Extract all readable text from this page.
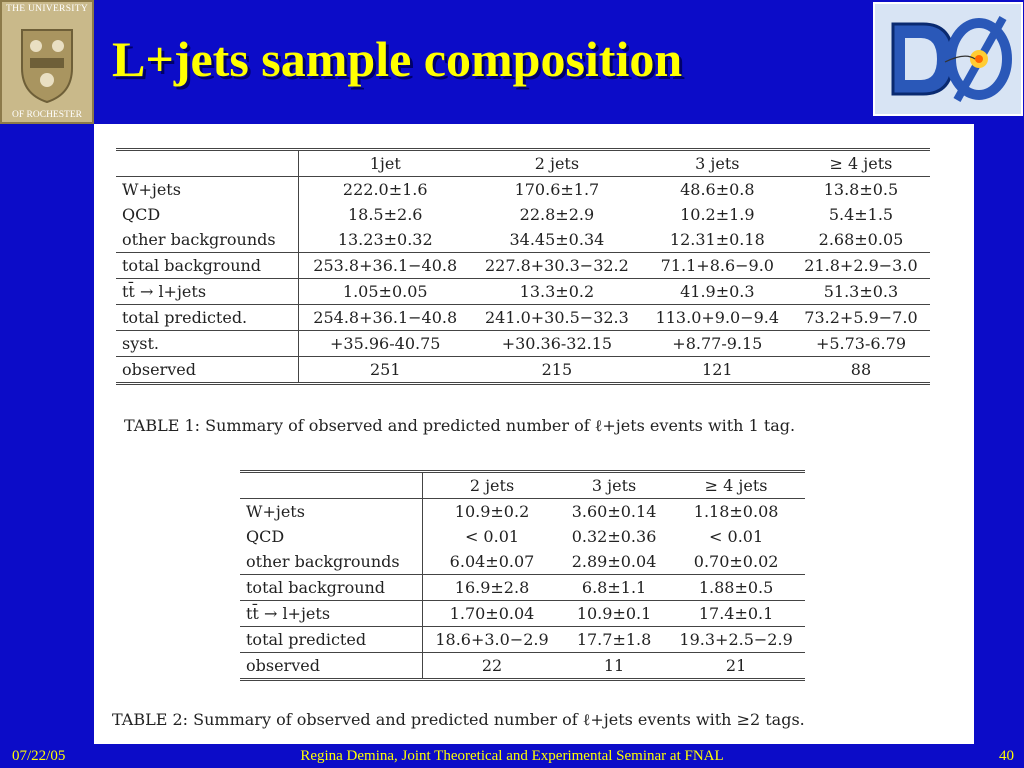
THE UNIVERSITY
OF ROCHESTER
L+jets sample composition
	1jet	2 jets	3 jets	≥ 4 jets
W+jets	222.0±1.6	170.6±1.7	48.6±0.8	13.8±0.5
QCD	18.5±2.6	22.8±2.9	10.2±1.9	5.4±1.5
other backgrounds	13.23±0.32	34.45±0.34	12.31±0.18	2.68±0.05
total background	253.8+36.1−40.8	227.8+30.3−32.2	71.1+8.6−9.0	21.8+2.9−3.0
tt̄ → l+jets	1.05±0.05	13.3±0.2	41.9±0.3	51.3±0.3
total predicted.	254.8+36.1−40.8	241.0+30.5−32.3	113.0+9.0−9.4	73.2+5.9−7.0
syst.	+35.96-40.75	+30.36-32.15	+8.77-9.15	+5.73-6.79
observed	251	215	121	88
TABLE 1: Summary of observed and predicted number of ℓ+jets events with 1 tag.
	2 jets	3 jets	≥ 4 jets
W+jets	10.9±0.2	3.60±0.14	1.18±0.08
QCD	< 0.01	0.32±0.36	< 0.01
other backgrounds	6.04±0.07	2.89±0.04	0.70±0.02
total background	16.9±2.8	6.8±1.1	1.88±0.5
tt̄ → l+jets	1.70±0.04	10.9±0.1	17.4±0.1
total predicted	18.6+3.0−2.9	17.7±1.8	19.3+2.5−2.9
observed	22	11	21
TABLE 2: Summary of observed and predicted number of ℓ+jets events with ≥2 tags.
07/22/05	Regina Demina, Joint Theoretical and Experimental Seminar at FNAL	40
